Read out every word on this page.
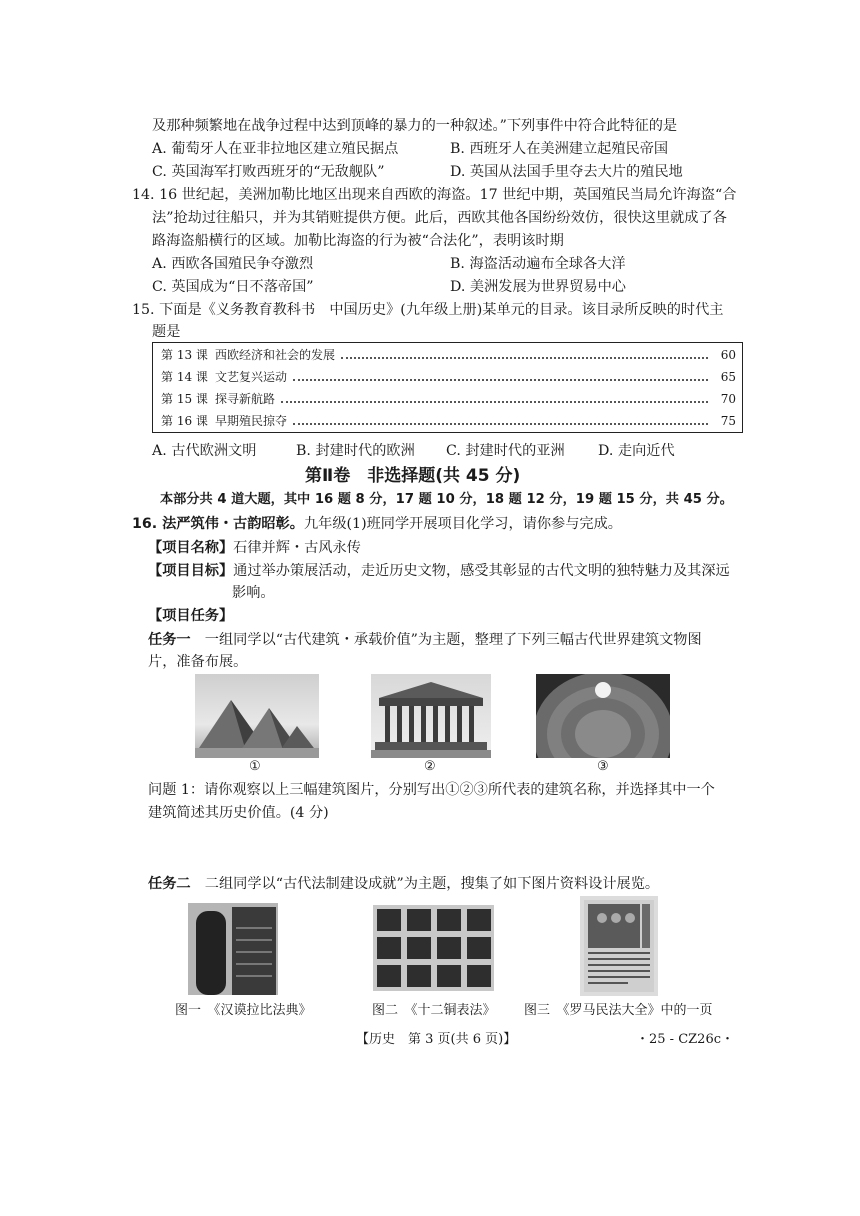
及那种频繁地在战争过程中达到顶峰的暴力的一种叙述。”下列事件中符合此特征的是
A. 葡萄牙人在亚非拉地区建立殖民据点	B. 西班牙人在美洲建立起殖民帝国
C. 英国海军打败西班牙的“无敌舰队”	D. 英国从法国手里夺去大片的殖民地
14. 16 世纪起，美洲加勒比地区出现来自西欧的海盗。17 世纪中期，英国殖民当局允许海盗“合
法”抢劫过往船只，并为其销赃提供方便。此后，西欧其他各国纷纷效仿，很快这里就成了各
路海盗船横行的区域。加勒比海盗的行为被“合法化”，表明该时期
A. 西欧各国殖民争夺激烈	B. 海盗活动遍布全球各大洋
C. 英国成为“日不落帝国”	D. 美洲发展为世界贸易中心
15. 下面是《义务教育教科书　中国历史》(九年级上册)某单元的目录。该目录所反映的时代主
题是
第 13 课 西欧经济和社会的发展	60
第 14 课 文艺复兴运动	65
第 15 课 探寻新航路	70
第 16 课 早期殖民掠夺	75
A. 古代欧洲文明	B. 封建时代的欧洲 C. 封建时代的亚洲 D. 走向近代
第Ⅱ卷　非选择题(共 45 分)
本部分共 4 道大题，其中 16 题 8 分，17 题 10 分，18 题 12 分，19 题 15 分，共 45 分。
16. 法严筑伟・古韵昭彰。九年级(1)班同学开展项目化学习，请你参与完成。
【项目名称】石律并辉・古风永传
【项目目标】通过举办策展活动，走近历史文物，感受其彰显的古代文明的独特魅力及其深远
影响。
【项目任务】
任务一　一组同学以“古代建筑・承载价值”为主题，整理了下列三幅古代世界建筑文物图
片，准备布展。
①	②	③
问题 1：请你观察以上三幅建筑图片，分别写出①②③所代表的建筑名称，并选择其中一个
建筑简述其历史价值。(4 分)
任务二　二组同学以“古代法制建设成就”为主题，搜集了如下图片资料设计展览。
图一　《汉谟拉比法典》	图二　《十二铜表法》 图三　《罗马民法大全》中的一页
【历史　第 3 页(共 6 页)】	・25 - CZ26c・
